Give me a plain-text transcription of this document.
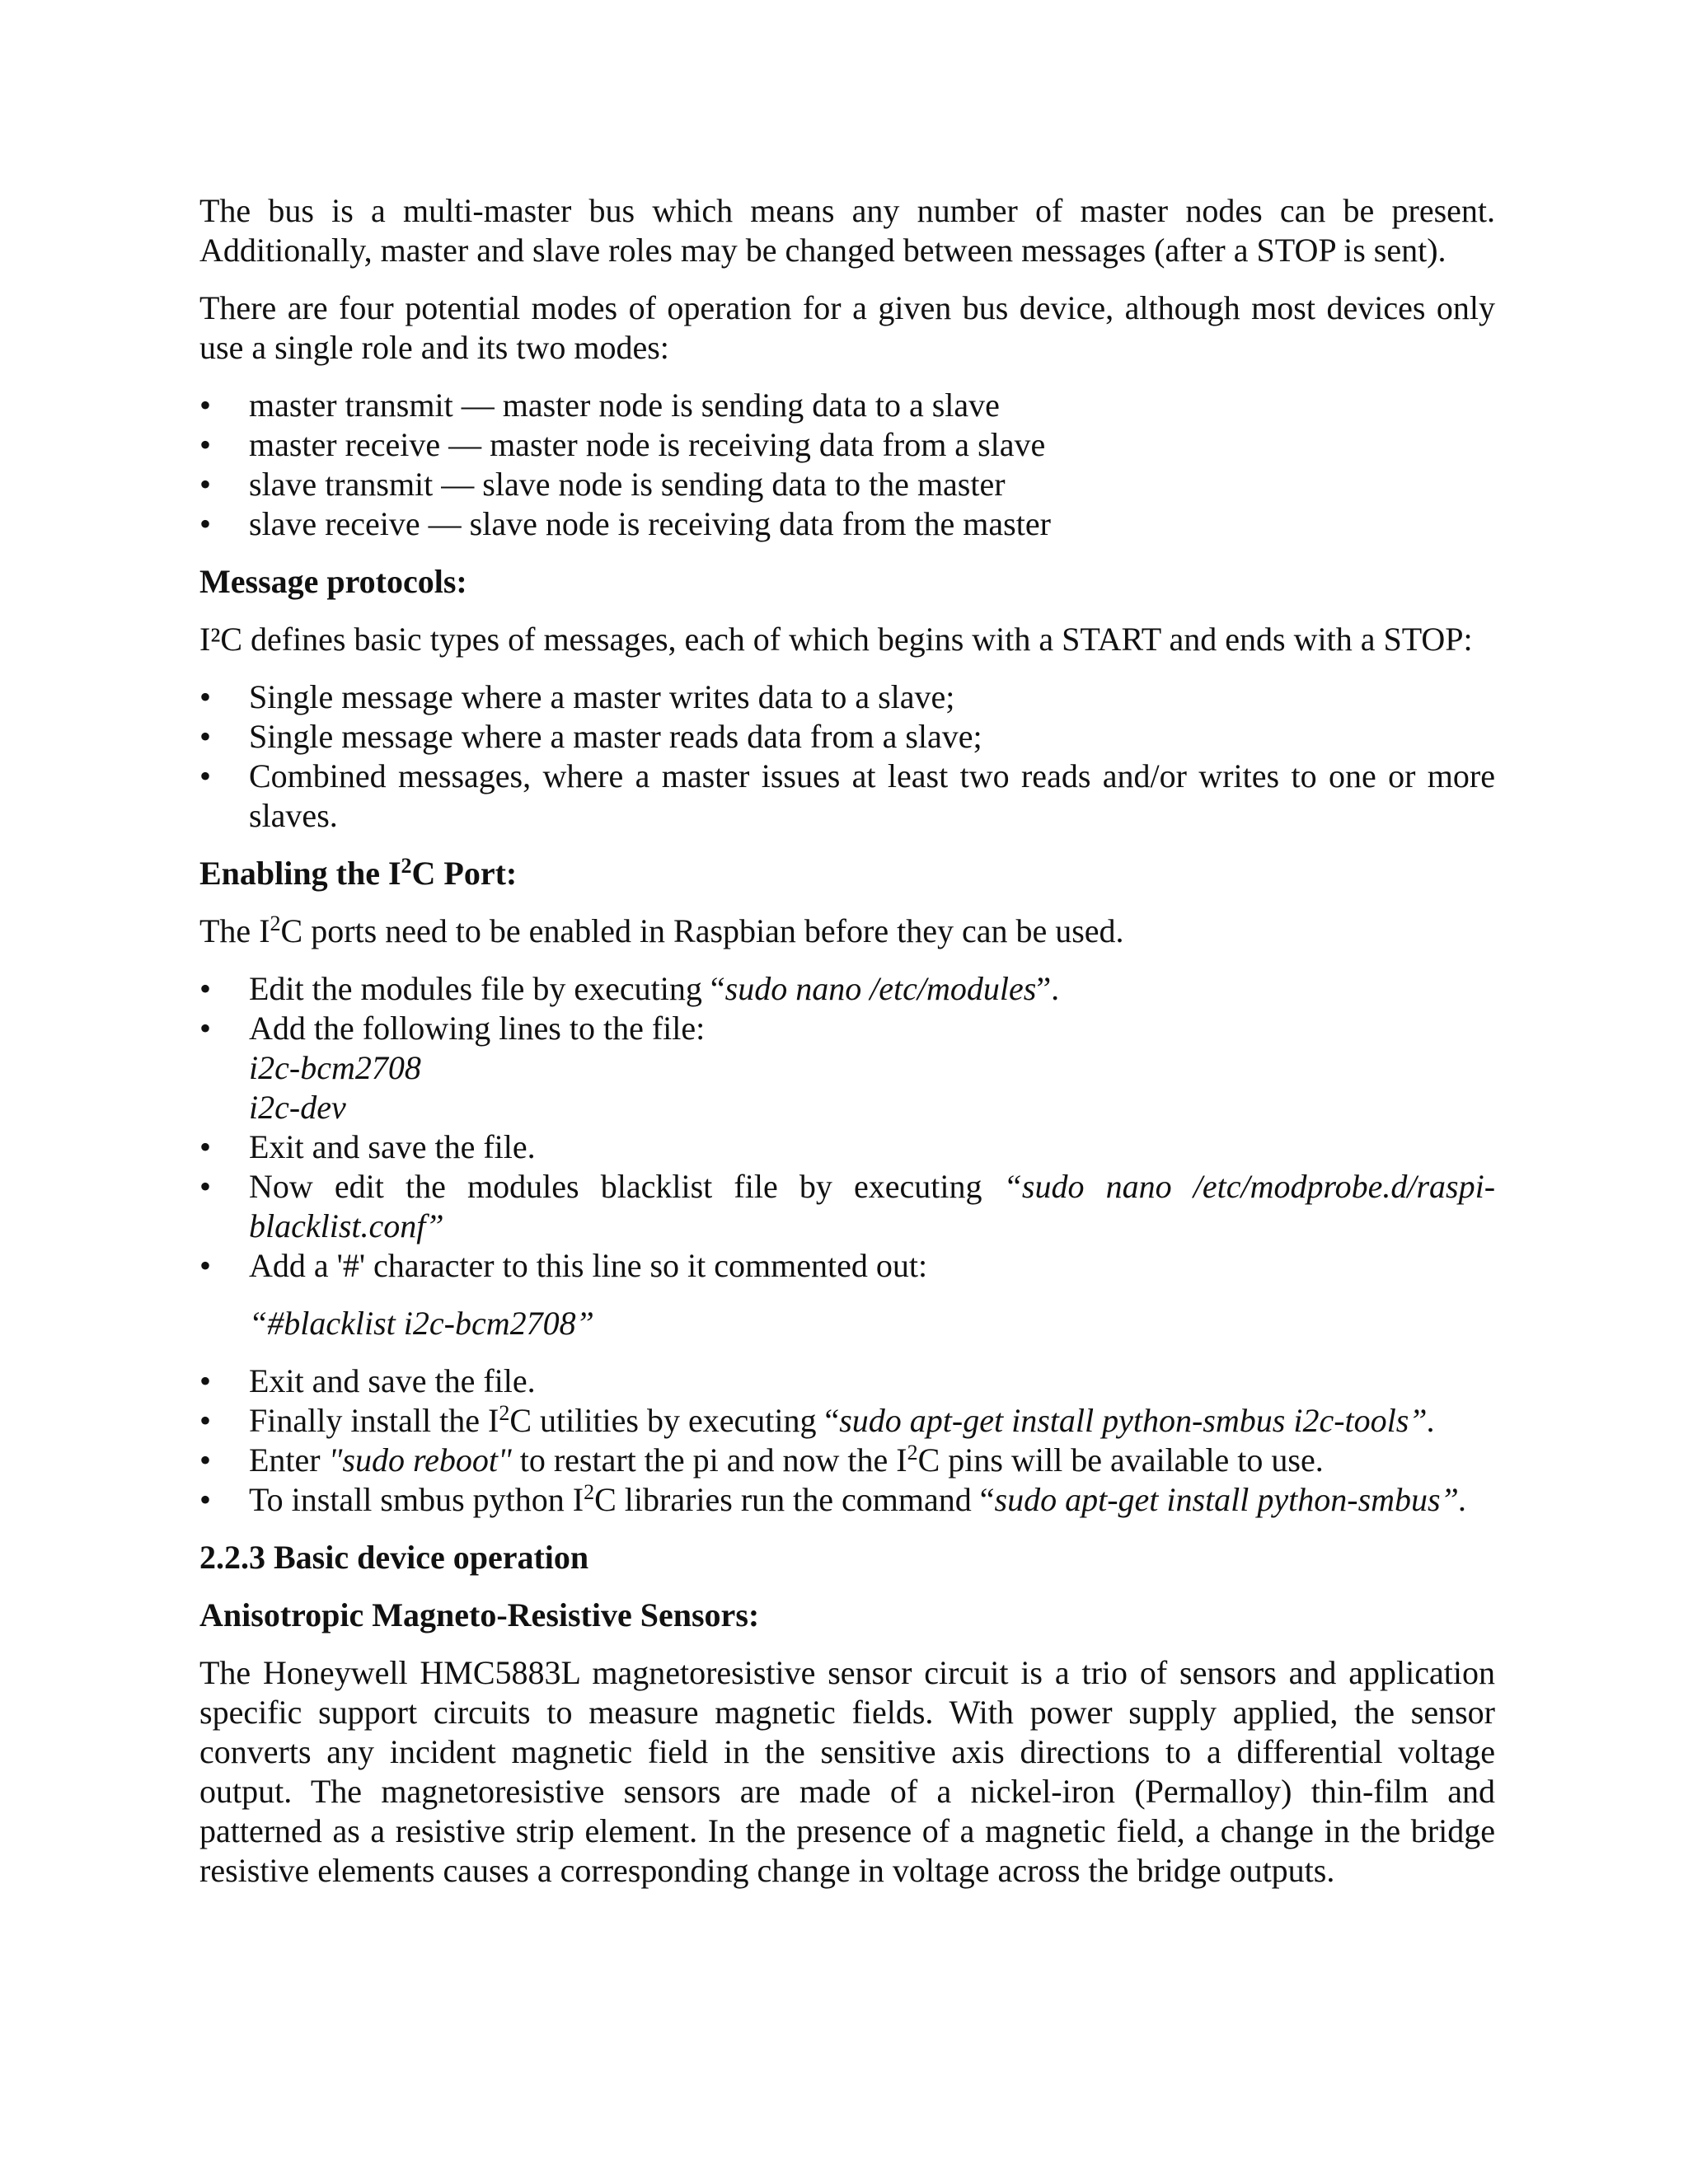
The bus is a multi-master bus which means any number of master nodes can be present. Additionally, master and slave roles may be changed between messages (after a STOP is sent).

There are four potential modes of operation for a given bus device, although most devices only use a single role and its two modes:

• master transmit — master node is sending data to a slave
• master receive — master node is receiving data from a slave
• slave transmit — slave node is sending data to the master
• slave receive — slave node is receiving data from the master
Message protocols:

I²C defines basic types of messages, each of which begins with a START and ends with a STOP:

• Single message where a master writes data to a slave;
• Single message where a master reads data from a slave;
• Combined messages, where a master issues at least two reads and/or writes to one or more slaves.
Enabling the $I^2C$ Port:

The $I^2C$ ports need to be enabled in Raspbian before they can be used.

• Edit the modules file by executing “sudo nano /etc/modules”.
• Add the following lines to the file:
i2c-bcm2708
i2c-dev
• Exit and save the file.
• Now edit the modules blacklist file by executing “sudo nano /etc/modprobe.d/raspi-blacklist.conf”
• Add a '#' character to this line so it commented out:

“#blacklist i2c-bcm2708”

• Exit and save the file.
• Finally install the $I^2C$ utilities by executing “sudo apt-get install python-smbus i2c-tools”.
• Enter "sudo reboot" to restart the pi and now the $I^2C$ pins will be available to use.
• To install smbus python $I^2C$ libraries run the command “sudo apt-get install python-smbus”.
2.2.3 Basic device operation
Anisotropic Magneto-Resistive Sensors:

The Honeywell HMC5883L magnetoresistive sensor circuit is a trio of sensors and application specific support circuits to measure magnetic fields. With power supply applied, the sensor converts any incident magnetic field in the sensitive axis directions to a differential voltage output. The magnetoresistive sensors are made of a nickel-iron (Permalloy) thin-film and patterned as a resistive strip element. In the presence of a magnetic field, a change in the bridge resistive elements causes a corresponding change in voltage across the bridge outputs.
